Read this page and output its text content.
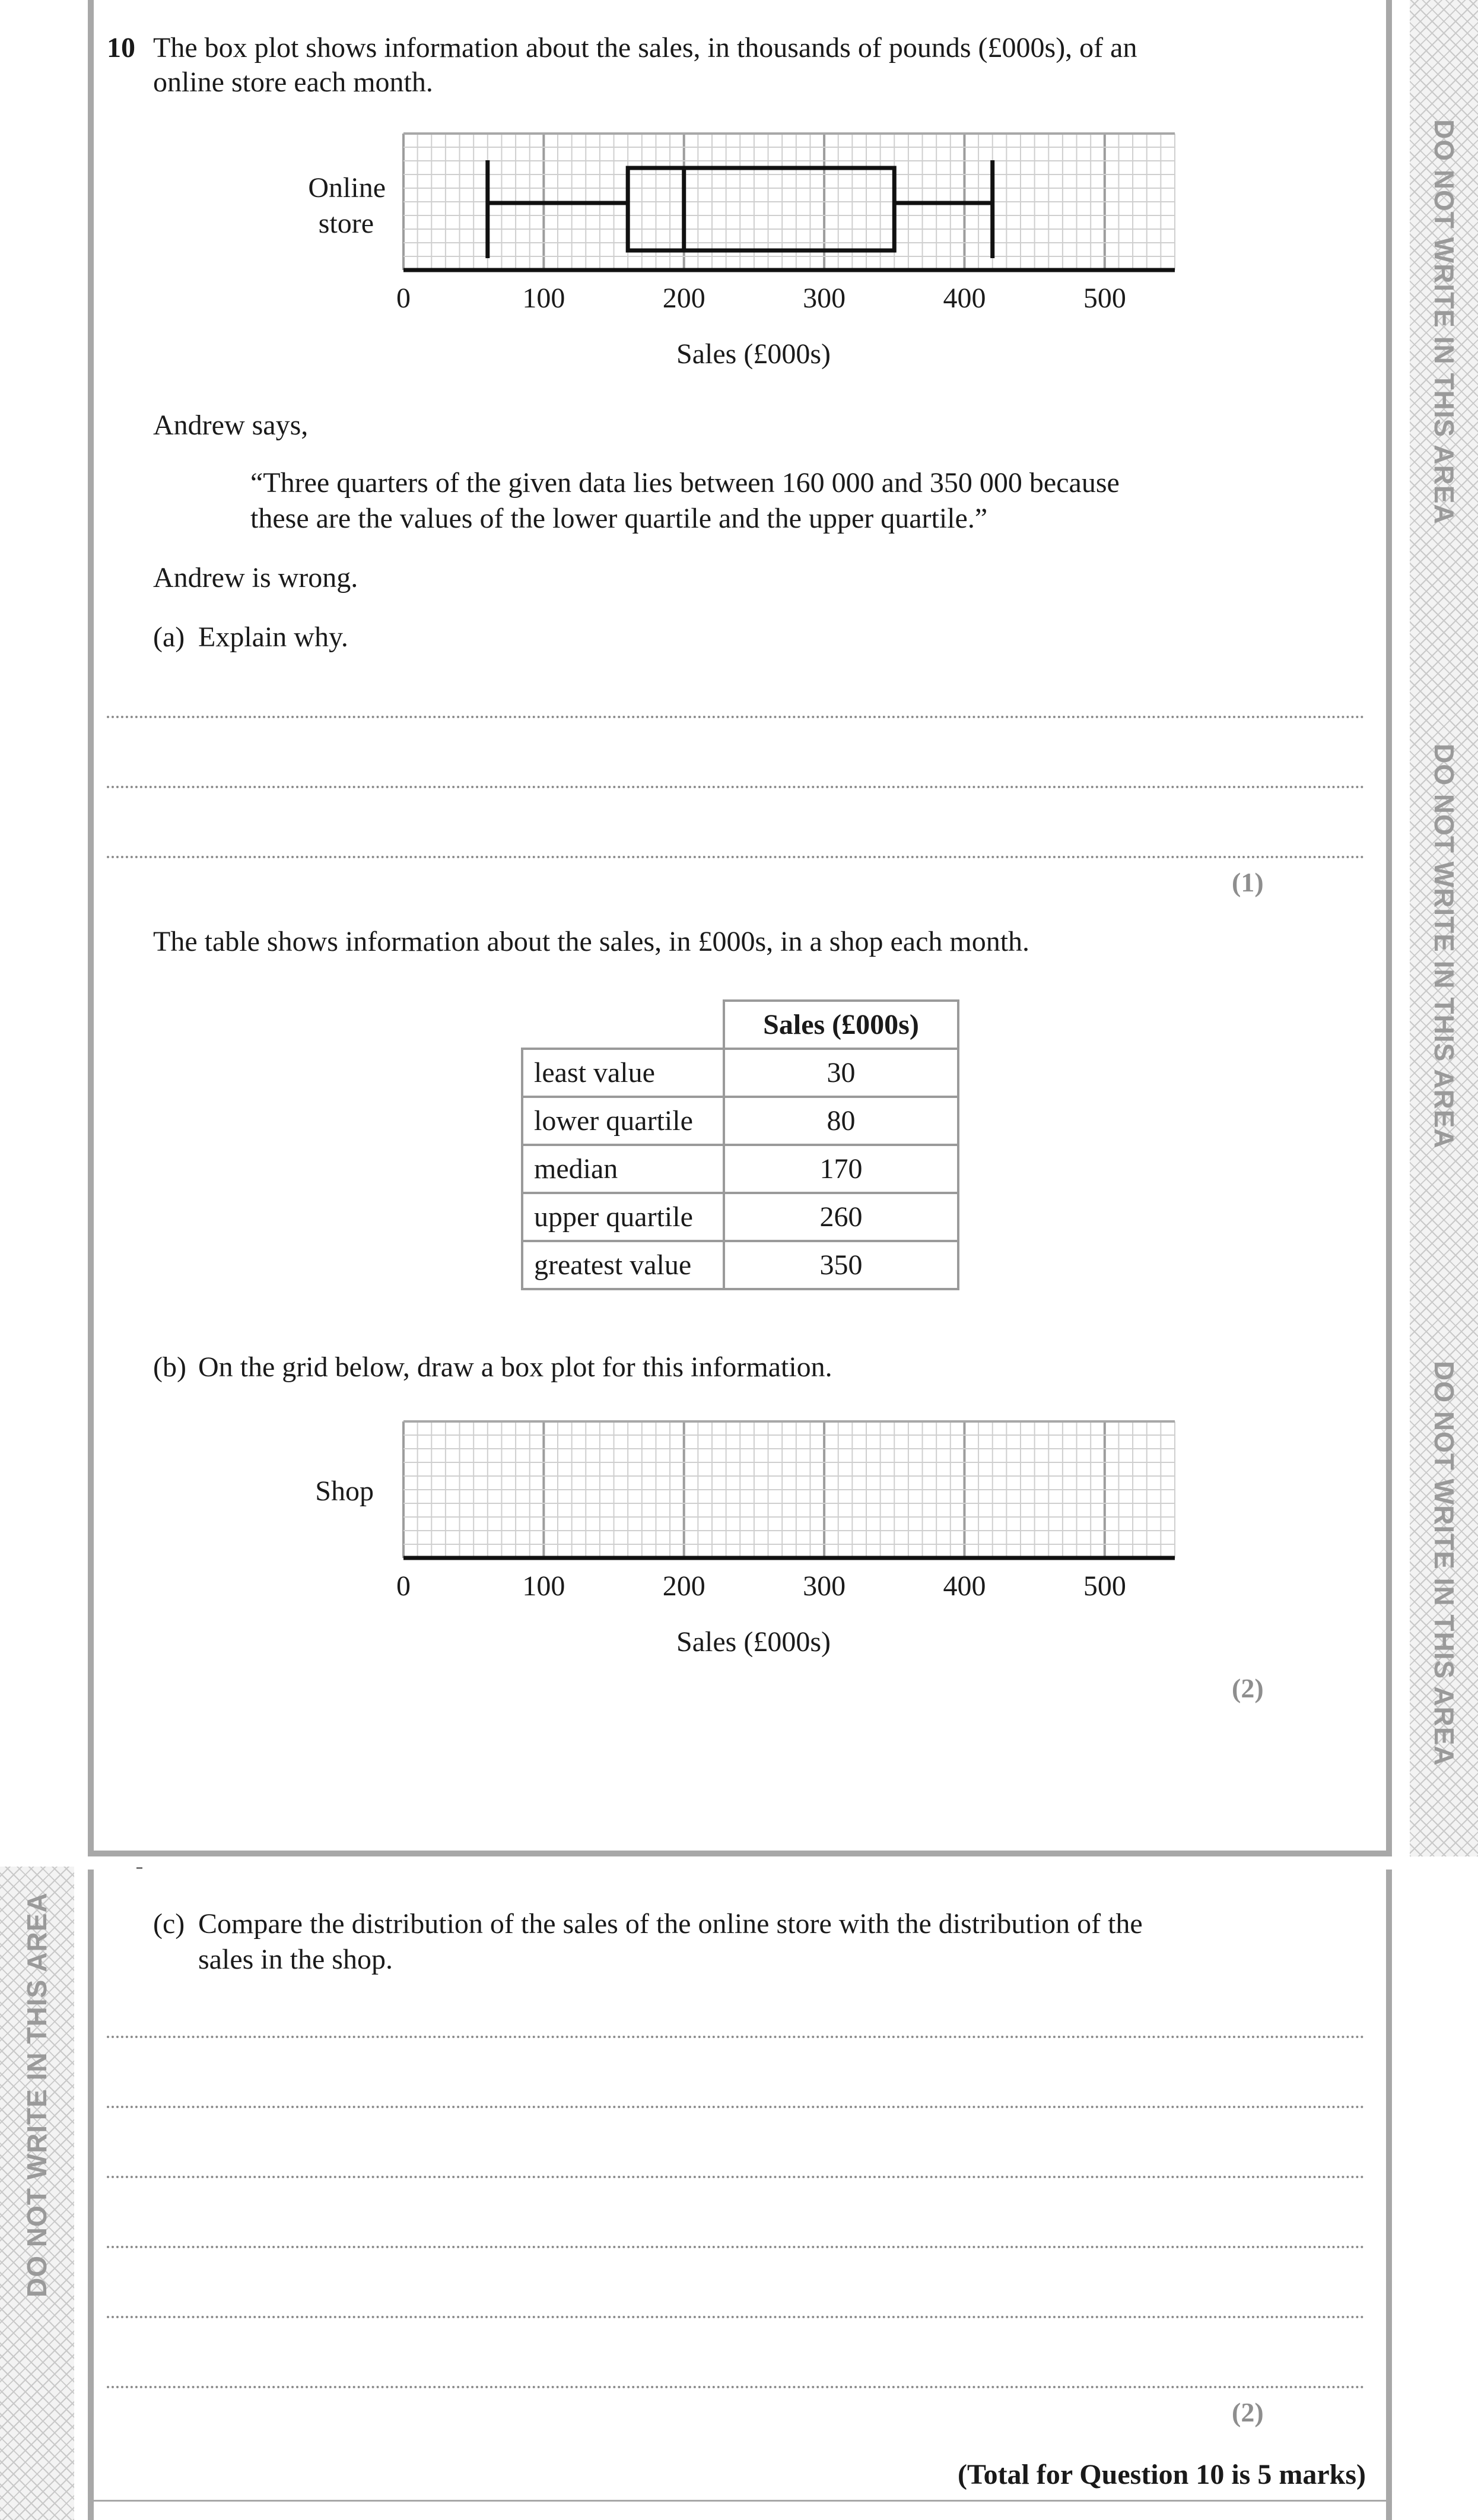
DO NOT WRITE IN THIS AREA
DO NOT WRITE IN THIS AREA
DO NOT WRITE IN THIS AREA
DO NOT WRITE IN THIS AREA
10 The box plot shows information about the sales, in thousands of pounds (£000s), of an online store each month.
Online
store
0	100	200	300	400	500
Sales (£000s)
Andrew says,
“Three quarters of the given data lies between 160 000 and 350 000 because
these are the values of the lower quartile and the upper quartile.”
Andrew is wrong.
(a) Explain why.
(1)
The table shows information about the sales, in £000s, in a shop each month.
	Sales (£000s)
least value	30
lower quartile	80
median	170
upper quartile	260
greatest value	350
(b) On the grid below, draw a box plot for this information.
Shop
0	100	200	300	400	500
Sales (£000s)
(2)
(c) Compare the distribution of the sales of the online store with the distribution of the
sales in the shop.
(2)
(Total for Question 10 is 5 marks)
